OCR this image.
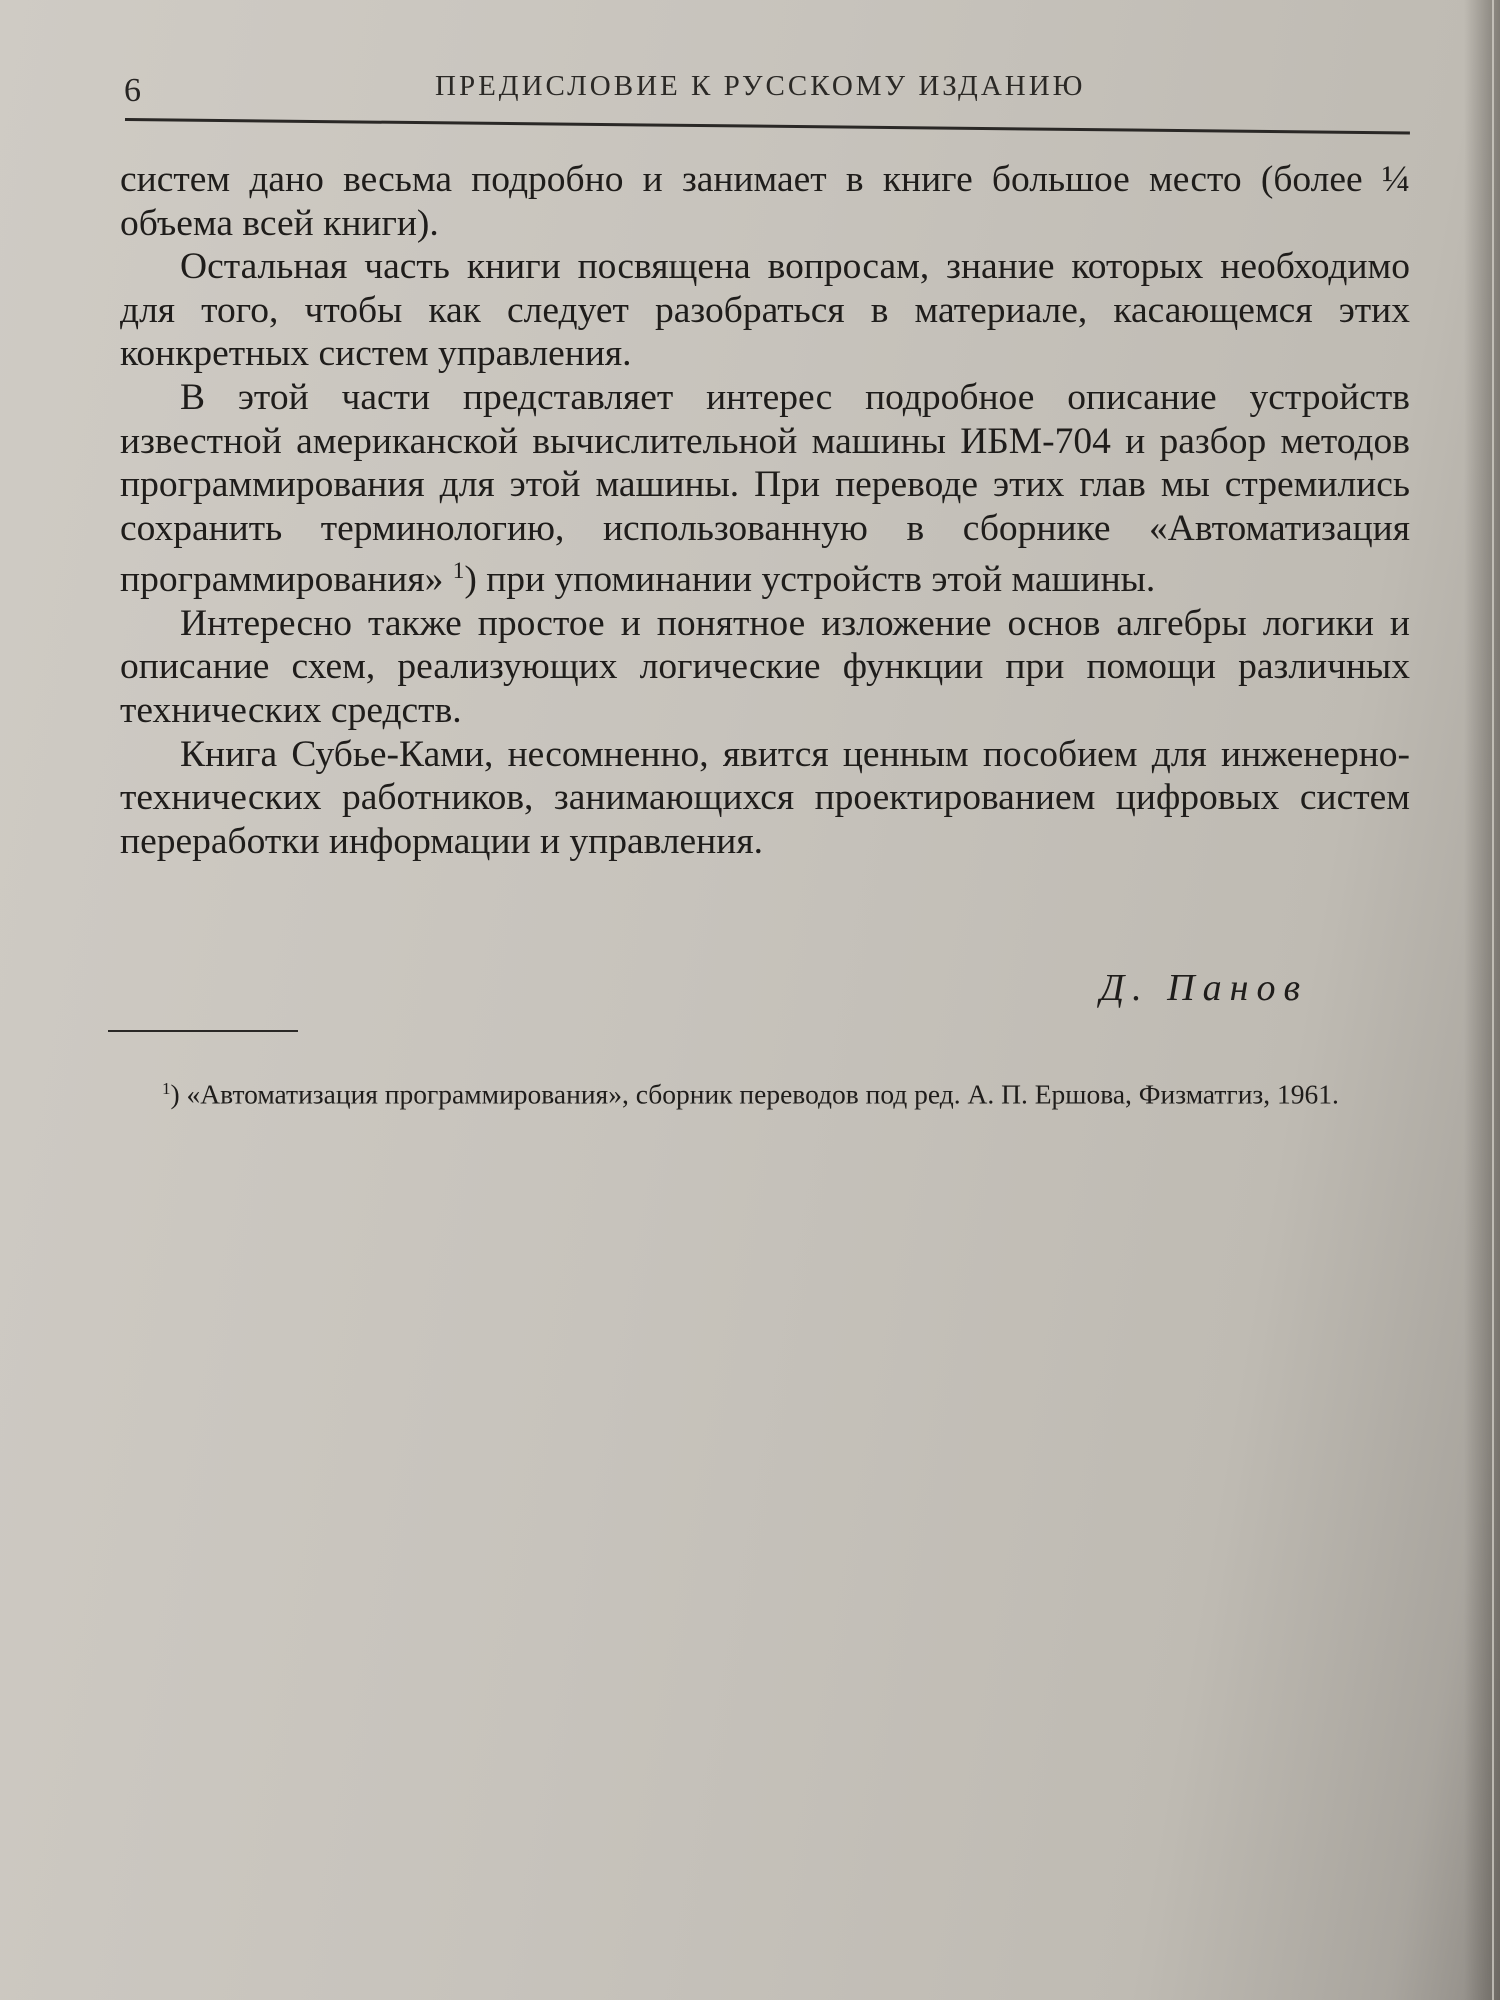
6	ПРЕДИСЛОВИЕ К РУССКОМУ ИЗДАНИЮ

систем дано весьма подробно и занимает в книге большое место (более ¼ объема всей книги).

Остальная часть книги посвящена вопросам, знание которых необходимо для того, чтобы как следует разобраться в материале, касающемся этих конкретных систем управления.

В этой части представляет интерес подробное описание устройств известной американской вычислительной машины ИБМ-704 и разбор методов программирования для этой машины. При переводе этих глав мы стремились сохранить терминологию, использованную в сборнике «Автоматизация программирования» $^1$) при упоминании устройств этой машины.

Интересно также простое и понятное изложение основ алгебры логики и описание схем, реализующих логические функции при помощи различных технических средств.

Книга Субье-Ками, несомненно, явится ценным пособием для инженерно-технических работников, занимающихся проектированием цифровых систем переработки информации и управления.

Д. Панов
$^1$) «Автоматизация программирования», сборник переводов под ред. А. П. Ершова, Физматгиз, 1961.
